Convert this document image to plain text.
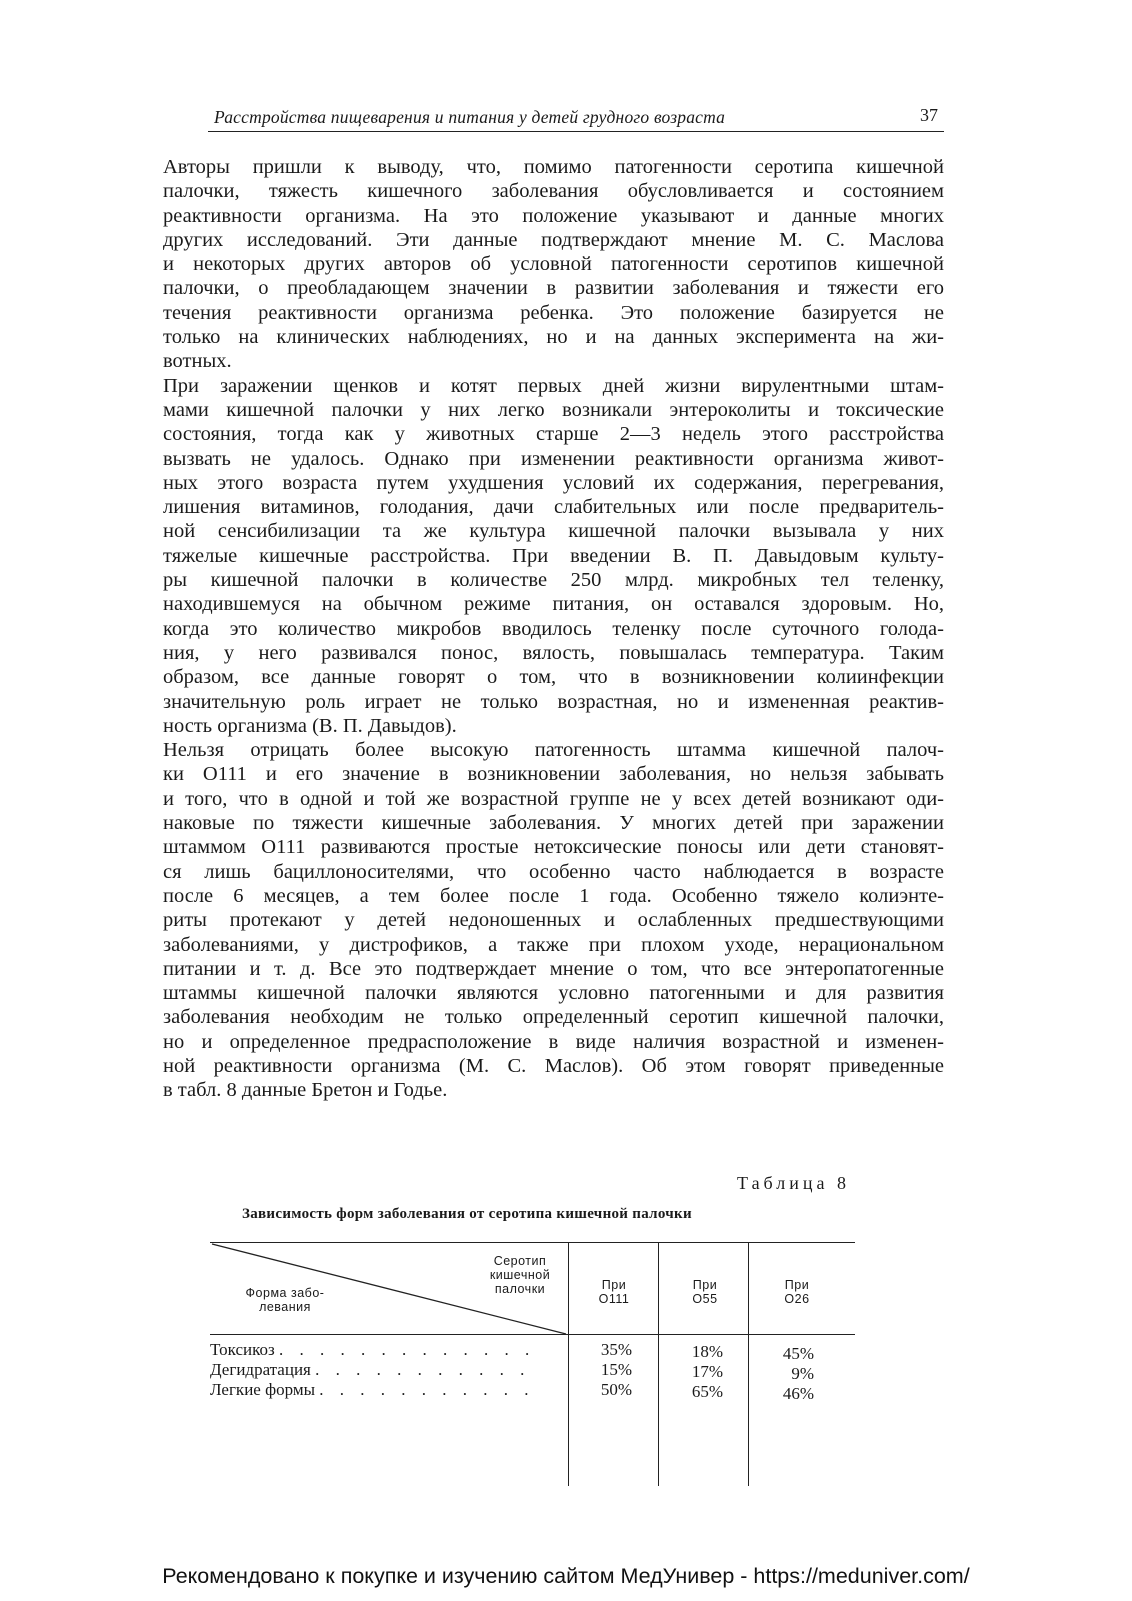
Расстройства пищеварения и питания у детей грудного возраста	37

Авторы пришли к выводу, что, помимо патогенности серотипа кишечной
палочки, тяжесть кишечного заболевания обусловливается и состоянием
реактивности организма. На это положение указывают и данные многих
других исследований. Эти данные подтверждают мнение М. С. Маслова
и некоторых других авторов об условной патогенности серотипов кишечной
палочки, о преобладающем значении в развитии заболевания и тяжести его
течения реактивности организма ребенка. Это положение базируется не
только на клинических наблюдениях, но и на данных эксперимента на жи-
вотных.

При заражении щенков и котят первых дней жизни вирулентными штам-
мами кишечной палочки у них легко возникали энтероколиты и токсические
состояния, тогда как у животных старше 2—3 недель этого расстройства
вызвать не удалось. Однако при изменении реактивности организма живот-
ных этого возраста путем ухудшения условий их содержания, перегревания,
лишения витаминов, голодания, дачи слабительных или после предваритель-
ной сенсибилизации та же культура кишечной палочки вызывала у них
тяжелые кишечные расстройства. При введении В. П. Давыдовым культу-
ры кишечной палочки в количестве 250 млрд. микробных тел теленку,
находившемуся на обычном режиме питания, он оставался здоровым. Но,
когда это количество микробов вводилось теленку после суточного голода-
ния, у него развивался понос, вялость, повышалась температура. Таким
образом, все данные говорят о том, что в возникновении колиинфекции
значительную роль играет не только возрастная, но и измененная реактив-
ность организма (В. П. Давыдов).

Нельзя отрицать более высокую патогенность штамма кишечной палоч-
ки O111 и его значение в возникновении заболевания, но нельзя забывать
и того, что в одной и той же возрастной группе не у всех детей возникают оди-
наковые по тяжести кишечные заболевания. У многих детей при заражении
штаммом O111 развиваются простые нетоксические поносы или дети становят-
ся лишь бациллоносителями, что особенно часто наблюдается в возрасте
после 6 месяцев, а тем более после 1 года. Особенно тяжело колиэнте-
риты протекают у детей недоношенных и ослабленных предшествующими
заболеваниями, у дистрофиков, а также при плохом уходе, нерациональном
питании и т. д. Все это подтверждает мнение о том, что все энтеропатогенные
штаммы кишечной палочки являются условно патогенными и для развития
заболевания необходим не только определенный серотип кишечной палочки,
но и определенное предрасположение в виде наличия возрастной и изменен-
ной реактивности организма (М. С. Маслов). Об этом говорят приведенные
в табл. 8 данные Бретон и Годье.

Таблица 8
Зависимость форм заболевания от серотипа кишечной палочки
Серотип
кишечной
палочки
Форма забо-
левания
При
O111
При
O55
При
O26
Токсикоз . . . . . . . . . . . . .
Дегидратация . . . . . . . . . . .
Легкие формы . . . . . . . . . . .
35%
15%
50%
18%
17%
65%
45%
9%
46%
Рекомендовано к покупке и изучению сайтом МедУнивер - https://meduniver.com/
